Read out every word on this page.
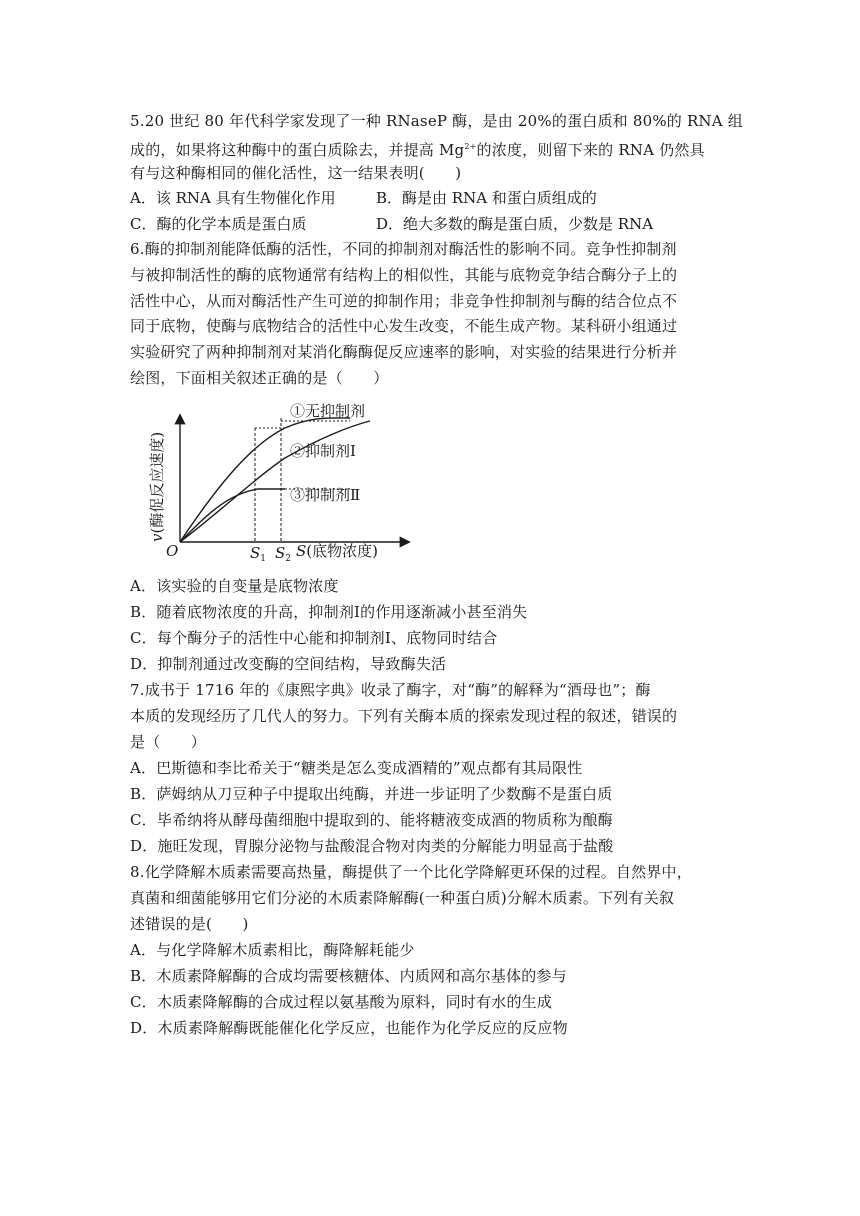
5.20 世纪 80 年代科学家发现了一种 RNaseP 酶，是由 20%的蛋白质和 80%的 RNA 组
成的，如果将这种酶中的蛋白质除去，并提高 $Mg^{2+}$的浓度，则留下来的 RNA 仍然具
有与这种酶相同的催化活性，这一结果表明(　　)
A．该 RNA 具有生物催化作用	B．酶是由 RNA 和蛋白质组成的
C．酶的化学本质是蛋白质	D．绝大多数的酶是蛋白质，少数是 RNA
6.酶的抑制剂能降低酶的活性，不同的抑制剂对酶活性的影响不同。竞争性抑制剂
与被抑制活性的酶的底物通常有结构上的相似性，其能与底物竞争结合酶分子上的
活性中心，从而对酶活性产生可逆的抑制作用；非竞争性抑制剂与酶的结合位点不
同于底物，使酶与底物结合的活性中心发生改变，不能生成产物。某科研小组通过
实验研究了两种抑制剂对某消化酶酶促反应速率的影响，对实验的结果进行分析并
绘图，下面相关叙述正确的是（　　）
①无抑制剂
②抑制剂Ⅰ
③抑制剂Ⅱ
O	$S_1$ $S_2$ S(底物浓度)
v(酶促反应速度)
A．该实验的自变量是底物浓度
B．随着底物浓度的升高，抑制剂Ⅰ的作用逐渐减小甚至消失
C．每个酶分子的活性中心能和抑制剂Ⅰ、底物同时结合
D．抑制剂通过改变酶的空间结构，导致酶失活
7.成书于 1716 年的《康熙字典》收录了酶字，对“酶”的解释为“酒母也”；酶
本质的发现经历了几代人的努力。下列有关酶本质的探索发现过程的叙述，错误的
是（　　）
A．巴斯德和李比希关于“糖类是怎么变成酒精的”观点都有其局限性
B．萨姆纳从刀豆种子中提取出纯酶，并进一步证明了少数酶不是蛋白质
C．毕希纳将从酵母菌细胞中提取到的、能将糖液变成酒的物质称为酿酶
D．施旺发现，胃腺分泌物与盐酸混合物对肉类的分解能力明显高于盐酸
8.化学降解木质素需要高热量，酶提供了一个比化学降解更环保的过程。自然界中，
真菌和细菌能够用它们分泌的木质素降解酶(一种蛋白质)分解木质素。下列有关叙
述错误的是(　　)
A．与化学降解木质素相比，酶降解耗能少
B．木质素降解酶的合成均需要核糖体、内质网和高尔基体的参与
C．木质素降解酶的合成过程以氨基酸为原料，同时有水的生成
D．木质素降解酶既能催化化学反应，也能作为化学反应的反应物
